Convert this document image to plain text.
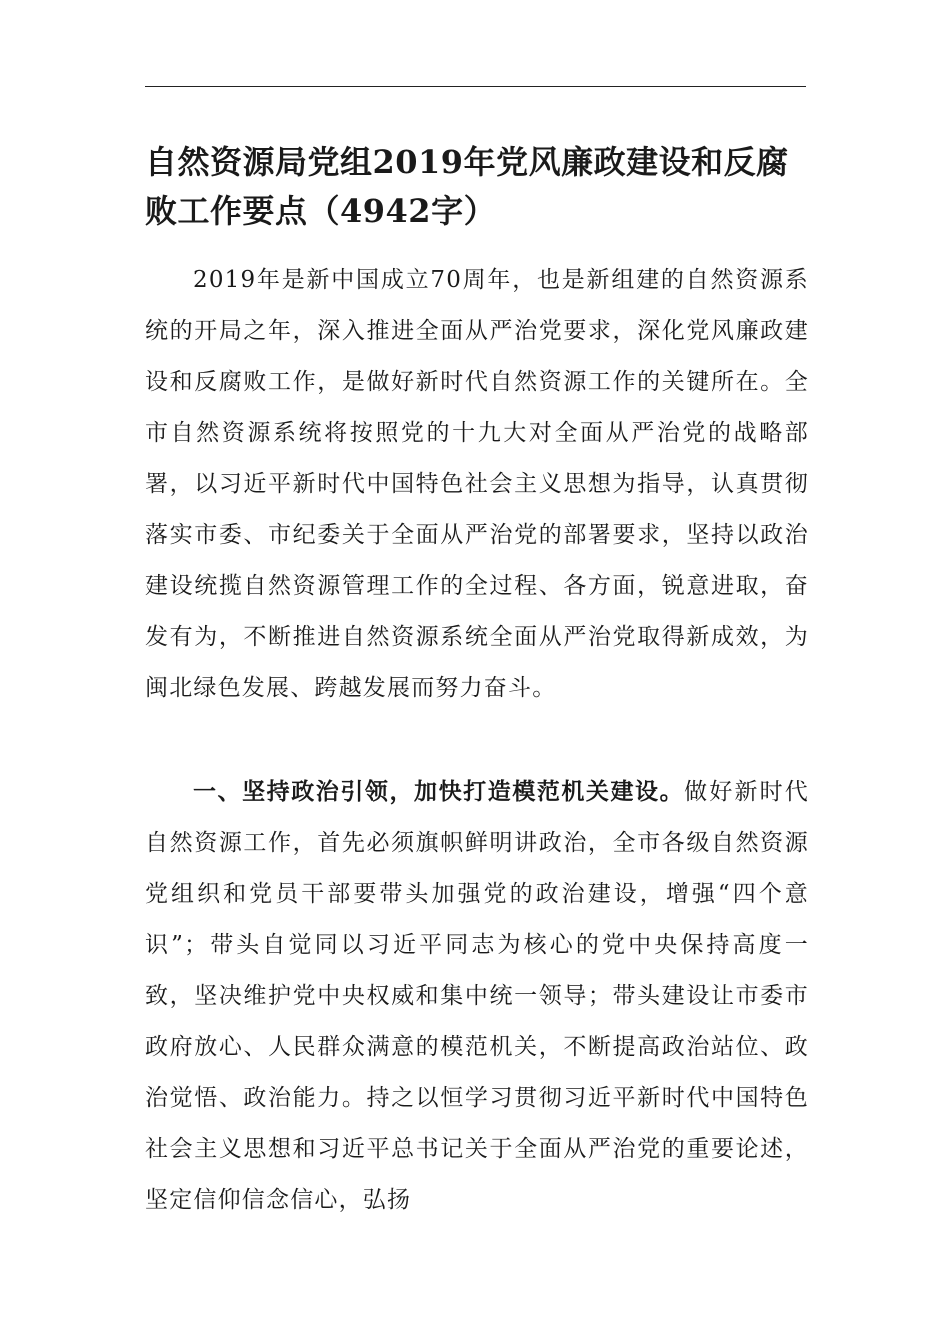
自然资源局党组2019年党风廉政建设和反腐败工作要点（4942字）

2019年是新中国成立70周年，也是新组建的自然资源系统的开局之年，深入推进全面从严治党要求，深化党风廉政建设和反腐败工作，是做好新时代自然资源工作的关键所在。全市自然资源系统将按照党的十九大对全面从严治党的战略部署，以习近平新时代中国特色社会主义思想为指导，认真贯彻落实市委、市纪委关于全面从严治党的部署要求，坚持以政治建设统揽自然资源管理工作的全过程、各方面，锐意进取，奋发有为，不断推进自然资源系统全面从严治党取得新成效，为闽北绿色发展、跨越发展而努力奋斗。

一、坚持政治引领，加快打造模范机关建设。做好新时代自然资源工作，首先必须旗帜鲜明讲政治，全市各级自然资源党组织和党员干部要带头加强党的政治建设，增强“四个意识”；带头自觉同以习近平同志为核心的党中央保持高度一致，坚决维护党中央权威和集中统一领导；带头建设让市委市政府放心、人民群众满意的模范机关，不断提高政治站位、政治觉悟、政治能力。持之以恒学习贯彻习近平新时代中国特色社会主义思想和习近平总书记关于全面从严治党的重要论述，坚定信仰信念信心，弘扬
